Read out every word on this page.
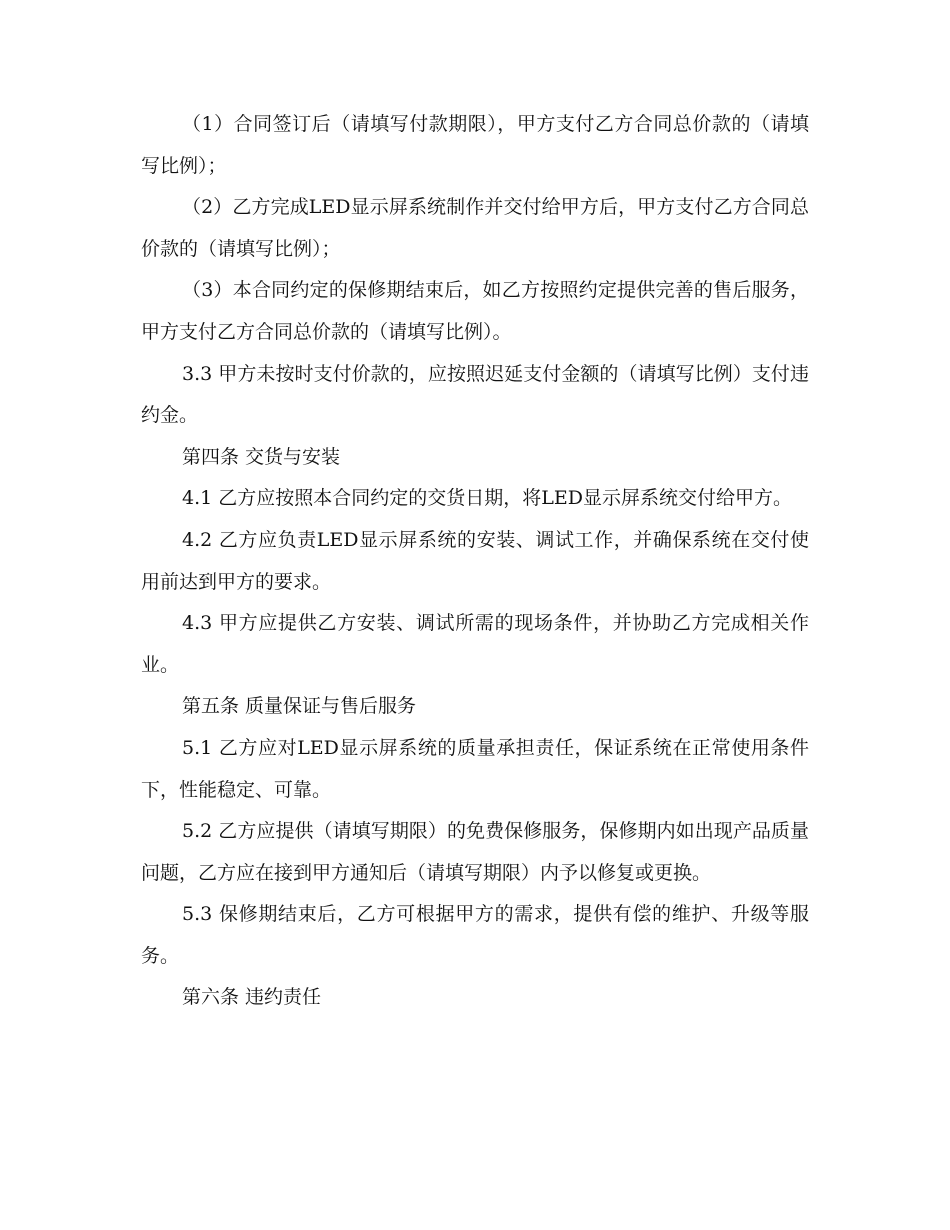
（1）合同签订后（请填写付款期限），甲方支付乙方合同总价款的（请填写比例）；

（2）乙方完成LED显示屏系统制作并交付给甲方后，甲方支付乙方合同总价款的（请填写比例）；

（3）本合同约定的保修期结束后，如乙方按照约定提供完善的售后服务，甲方支付乙方合同总价款的（请填写比例）。

3.3 甲方未按时支付价款的，应按照迟延支付金额的（请填写比例）支付违约金。

第四条 交货与安装

4.1 乙方应按照本合同约定的交货日期，将LED显示屏系统交付给甲方。

4.2 乙方应负责LED显示屏系统的安装、调试工作，并确保系统在交付使用前达到甲方的要求。

4.3 甲方应提供乙方安装、调试所需的现场条件，并协助乙方完成相关作业。

第五条 质量保证与售后服务

5.1 乙方应对LED显示屏系统的质量承担责任，保证系统在正常使用条件下，性能稳定、可靠。

5.2 乙方应提供（请填写期限）的免费保修服务，保修期内如出现产品质量问题，乙方应在接到甲方通知后（请填写期限）内予以修复或更换。

5.3 保修期结束后，乙方可根据甲方的需求，提供有偿的维护、升级等服务。

第六条 违约责任
